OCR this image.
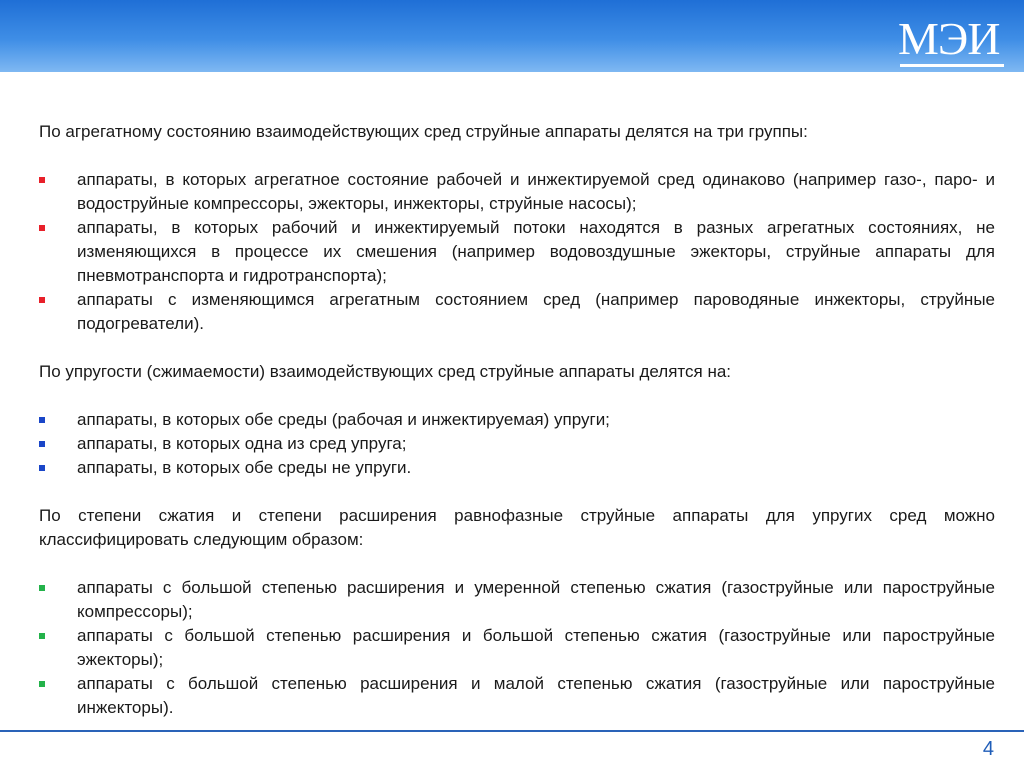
МЭИ

По агрегатному состоянию взаимодействующих сред струйные аппараты делятся на три группы:

аппараты, в которых агрегатное состояние рабочей и инжектируемой сред одинаково (например газо-, паро- и водоструйные компрессоры, эжекторы, инжекторы, струйные насосы);
аппараты, в которых рабочий и инжектируемый потоки находятся в разных агрегатных состояниях, не изменяющихся в процессе их смешения (например водовоздушные эжекторы, струйные аппараты для пневмотранспорта и гидротранспорта);
аппараты с изменяющимся агрегатным состоянием сред (например пароводяные инжекторы, струйные подогреватели).

По упругости (сжимаемости) взаимодействующих сред струйные аппараты делятся на:

аппараты, в которых обе среды (рабочая и инжектируемая) упруги;
аппараты, в которых одна из сред упруга;
аппараты, в которых обе среды не упруги.

По степени сжатия и степени расширения равнофазные струйные аппараты для упругих сред можно классифицировать следующим образом:

аппараты с большой степенью расширения и умеренной степенью сжатия (газоструйные или пароструйные компрессоры);
аппараты с большой степенью расширения и большой степенью сжатия (газоструйные или пароструйные эжекторы);
аппараты с большой степенью расширения и малой степенью сжатия (газоструйные или пароструйные инжекторы).
4
